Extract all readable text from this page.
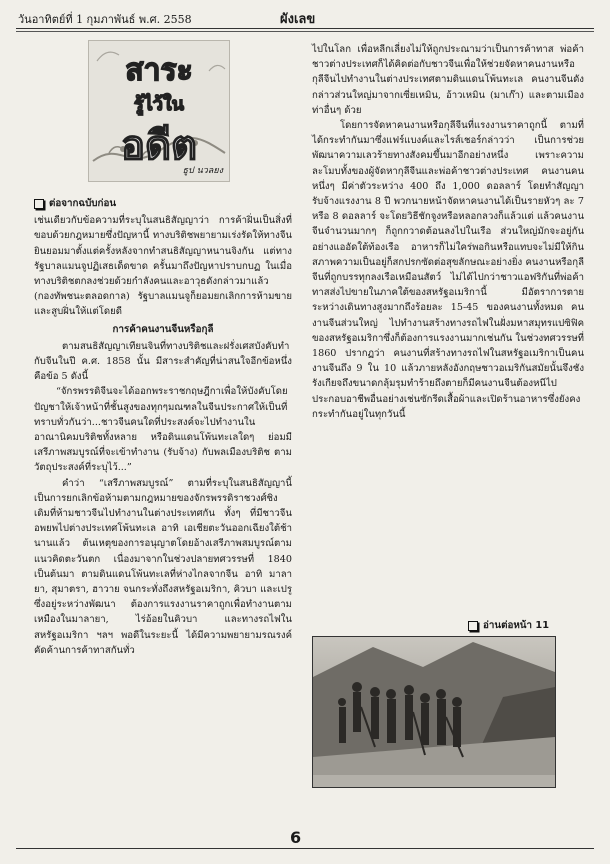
วันอาทิตย์ที่ 1 กุมภาพันธ์ พ.ศ. 2558	ผังเลข
สาระ
รู้ไว้ใน
อดีต
ธูป นวลยง
ต่อจากฉบับก่อน

เช่นเดียวกับข้อความที่ระบุในสนธิสัญญาว่า การค้าฝิ่นเป็นสิ่งที่ขอบด้วยกฎหมายซึ่งปัญหานี้ ทางบริติชพยายามเร่งรัดให้ทางจีนยินยอมมาตั้งแต่ครั้งหลังจากทำสนธิสัญญาหนานจิงกัน แต่ทางรัฐบาลแมนจูปฏิเสธเด็ดขาด ครั้นมาถึงปัญหาปราบกบฏ ในเมื่อทางบริติชตกลงช่วยด้วยกำลังคนและอาวุธดังกล่าวมาแล้ว (กองทัพชนะตลอดกาล) รัฐบาลแมนจูก็ยอมยกเลิกการห้ามขายและสูบฝิ่นให้แต่โดยดี

การค้าคนงานจีนหรือกุลี

ตามสนธิสัญญาเทียนจินที่ทางบริติชและฝรั่งเศสบังคับทำกับจีนในปี ค.ศ. 1858 นั้น มีสาระสำคัญที่น่าสนใจอีกข้อหนึ่งคือข้อ 5 ดังนี้

“จักรพรรดิจีนจะได้ออกพระราชกฤษฎีกาเพื่อให้บังคับโดยปัญชาให้เจ้าหน้าที่ชั้นสูงของทุกๆมณฑลในจีนประกาศให้เป็นที่ทราบทั่วกันว่า...ชาวจีนคนใดที่ประสงค์จะไปทำงานในอาณานิคมบริติชทั้งหลาย หรือดินแดนโพ้นทะเลใดๆ ย่อมมีเสรีภาพสมบูรณ์ที่จะเข้าทำงาน (รับจ้าง) กับพลเมืองบริติช ตามวัตถุประสงค์ที่ระบุไว้...”

คำว่า “เสรีภาพสมบูรณ์” ตามที่ระบุในสนธิสัญญานี้ เป็นการยกเลิกข้อห้ามตามกฎหมายของจักรพรรดิราชวงศ์ชิงเดิมที่ห้ามชาวจีนไปทำงานในต่างประเทศกัน ทั้งๆ ที่มีชาวจีนอพยพไปต่างประเทศโพ้นทะเล อาทิ เอเชียตะวันออกเฉียงใต้ช้านานแล้ว ต้นเหตุของการอนุญาตโดยอ้างเสรีภาพสมบูรณ์ตามแนวคิดตะวันตก เนื่องมาจากในช่วงปลายทศวรรษที่ 1840 เป็นต้นมา ตามดินแดนโพ้นทะเลที่ห่างไกลจากจีน อาทิ มาลายา, สุมาตรา, ฮาวาย จนกระทั่งถึงสหรัฐอเมริกา, คิวบา และเปรูซึ่งอยู่ระหว่างพัฒนา ต้องการแรงงานราคาถูกเพื่อทำงานตามเหมืองในมาลายา, ไร่อ้อยในคิวบา และทางรถไฟในสหรัฐอเมริกา ฯลฯ พอดีในระยะนี้ ได้มีความพยายามรณรงค์คัดค้านการค้าทาสกันทั่ว

ไปในโลก เพื่อหลีกเลี่ยงไม่ให้ถูกประณามว่าเป็นการค้าทาส พ่อค้าชาวต่างประเทศก็ได้คิดต่อกับชาวจีนเพื่อให้ช่วยจัดหาคนงานหรือกุลีจีนไปทำงานในต่างประเทศตามดินแดนโพ้นทะเล คนงานจีนดังกล่าวส่วนใหญ่มาจากเซี่ยเหมิน, อ้าวเหมิน (มาเก๊า) และตามเมืองท่าอื่นๆ ด้วย

โดยการจัดหาคนงานหรือกุลีจีนที่แรงงานราคาถูกนี้ ตามที่ได้กระทำกันมาซึ่งแฟร์แบงค์และไรส์เชอร์กล่าวว่า เป็นการช่วยพัฒนาความเลวร้ายทางสังคมขึ้นมาอีกอย่างหนึ่ง เพราะความละโมบทั้งของผู้จัดหากุลีจีนและพ่อค้าชาวต่างประเทศ คนงานคนหนึ่งๆ มีค่าตัวระหว่าง 400 ถึง 1,000 ดอลลาร์ โดยทำสัญญารับจ้างแรงงาน 8 ปี พวกนายหน้าจัดหาคนงานได้เป็นรายหัวๆ ละ 7 หรือ 8 ดอลลาร์ จะโดยวิธีชักจูงหรือหลอกลวงก็แล้วแต่ แล้วคนงานจีนจำนวนมากๆ ก็ถูกกวาดต้อนลงไปในเรือ ส่วนใหญ่มักจะอยู่กันอย่างแออัดใต้ท้องเรือ อาหารก็ไม่ใคร่พอกินหรือแทบจะไม่มีให้กินสภาพความเป็นอยู่ก็สกปรกซัดต่อสุขลักษณะอย่างยิ่ง คนงานหรือกุลีจีนที่ถูกบรรทุกลงเรือเหมือนสัตว์ ไม่ได้ไปกว่าชาวแอฟริกันที่พ่อค้าทาสส่งไปขายในภาคใต้ของสหรัฐอเมริกานี้ มีอัตราการตายระหว่างเดินทางสูงมากถึงร้อยละ 15-45 ของคนงานทั้งหมด คนงานจีนส่วนใหญ่ ไปทำงานสร้างทางรถไฟในฝั่งมหาสมุทรแปซิฟิคของสหรัฐอเมริกาซึ่งก็ต้องการแรงงานมากเช่นกัน ในช่วงทศวรรษที่ 1860 ปรากฏว่า คนงานที่สร้างทางรถไฟในสหรัฐอเมริกาเป็นคนงานจีนถึง 9 ใน 10 แล้วภายหลังอังกฤษชาวอเมริกันสมัยนั้นจึงชังรังเกียจถึงขนาดกลุ้มรุมทำร้ายถึงตายก็มีคนงานจีนต้องหนีไปประกอบอาชีพอื่นอย่างเช่นซักรีดเสื้อผ้าและเปิดร้านอาหารซึ่งยังคงกระทำกันอยู่ในทุกวันนี้

อ่านต่อหน้า 11
6
